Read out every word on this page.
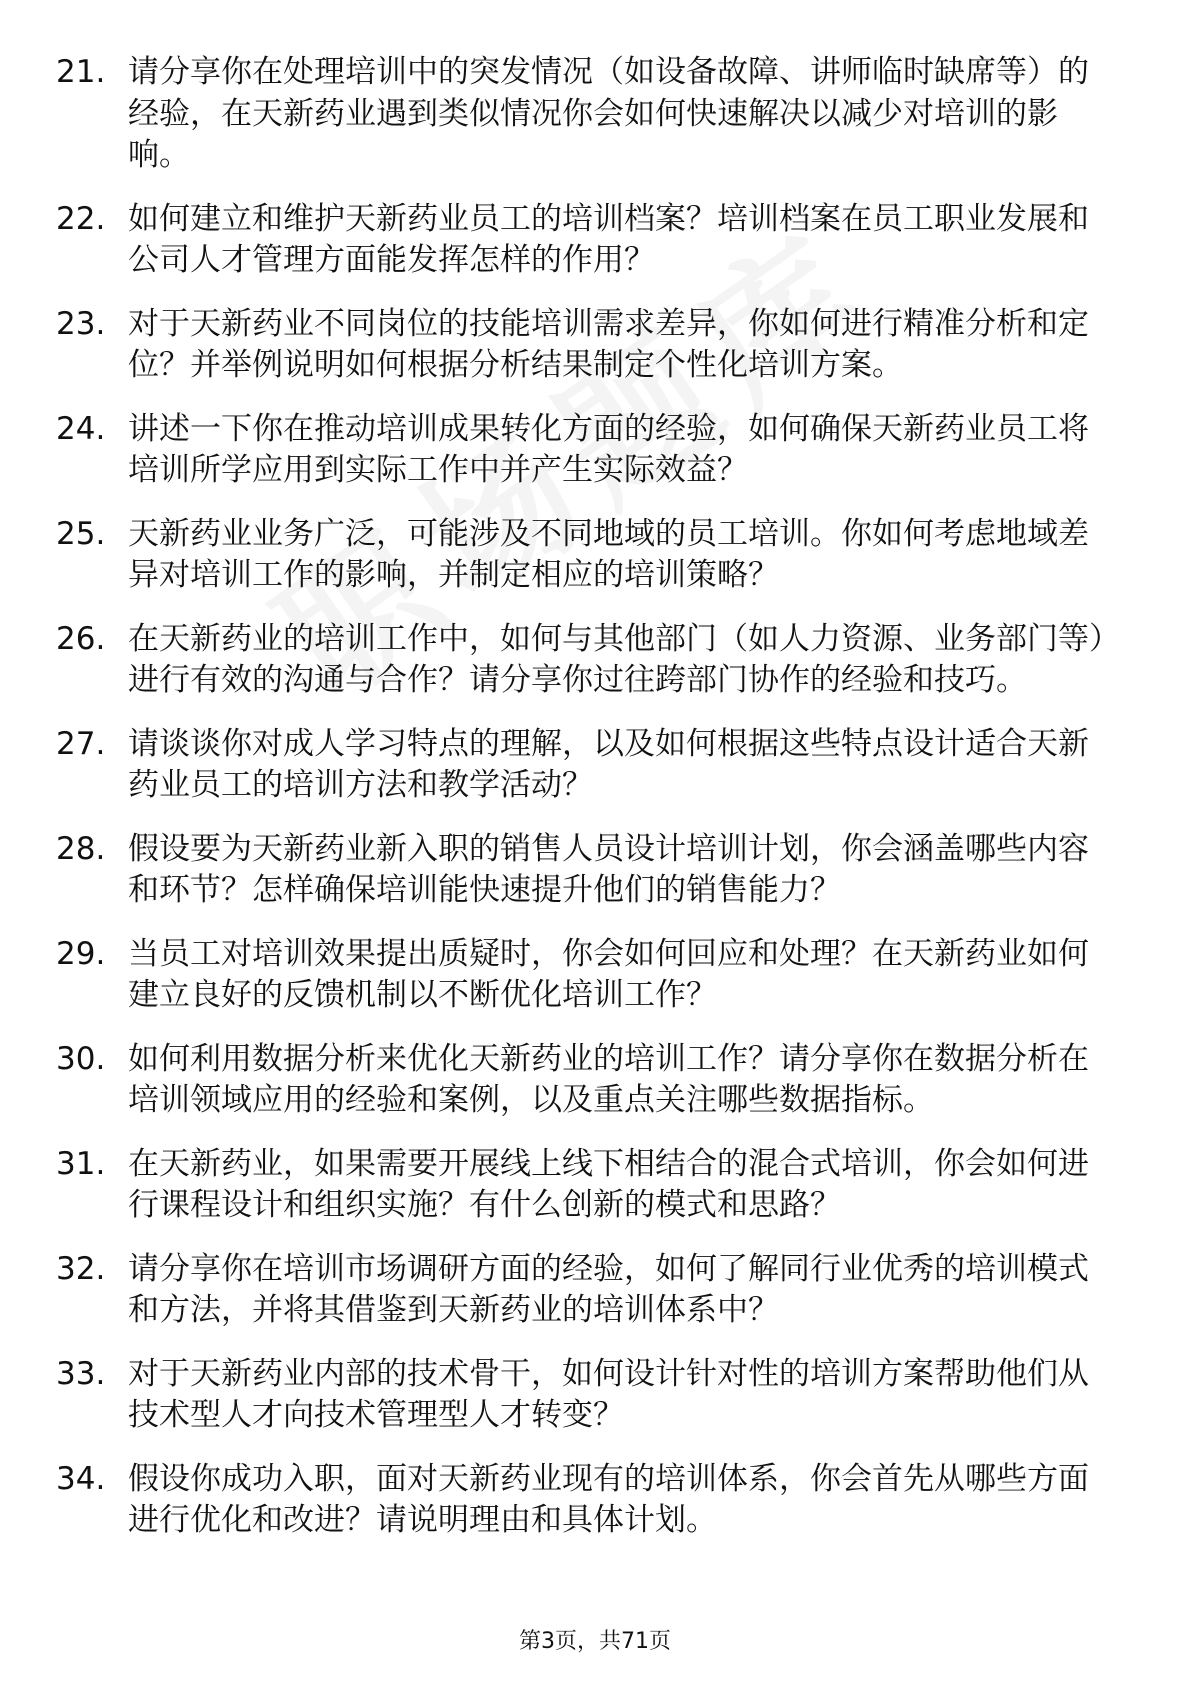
21. 请分享你在处理培训中的突发情况（如设备故障、讲师临时缺席等）的经验，在天新药业遇到类似情况你会如何快速解决以减少对培训的影响。
22. 如何建立和维护天新药业员工的培训档案？培训档案在员工职业发展和公司人才管理方面能发挥怎样的作用？
23. 对于天新药业不同岗位的技能培训需求差异，你如何进行精准分析和定位？并举例说明如何根据分析结果制定个性化培训方案。
24. 讲述一下你在推动培训成果转化方面的经验，如何确保天新药业员工将培训所学应用到实际工作中并产生实际效益？
25. 天新药业业务广泛，可能涉及不同地域的员工培训。你如何考虑地域差异对培训工作的影响，并制定相应的培训策略？
26. 在天新药业的培训工作中，如何与其他部门（如人力资源、业务部门等）进行有效的沟通与合作？请分享你过往跨部门协作的经验和技巧。
27. 请谈谈你对成人学习特点的理解，以及如何根据这些特点设计适合天新药业员工的培训方法和教学活动？
28. 假设要为天新药业新入职的销售人员设计培训计划，你会涵盖哪些内容和环节？怎样确保培训能快速提升他们的销售能力？
29. 当员工对培训效果提出质疑时，你会如何回应和处理？在天新药业如何建立良好的反馈机制以不断优化培训工作？
30. 如何利用数据分析来优化天新药业的培训工作？请分享你在数据分析在培训领域应用的经验和案例，以及重点关注哪些数据指标。
31. 在天新药业，如果需要开展线上线下相结合的混合式培训，你会如何进行课程设计和组织实施？有什么创新的模式和思路？
32. 请分享你在培训市场调研方面的经验，如何了解同行业优秀的培训模式和方法，并将其借鉴到天新药业的培训体系中？
33. 对于天新药业内部的技术骨干，如何设计针对性的培训方案帮助他们从技术型人才向技术管理型人才转变？
34. 假设你成功入职，面对天新药业现有的培训体系，你会首先从哪些方面进行优化和改进？请说明理由和具体计划。
第3页，共71页
